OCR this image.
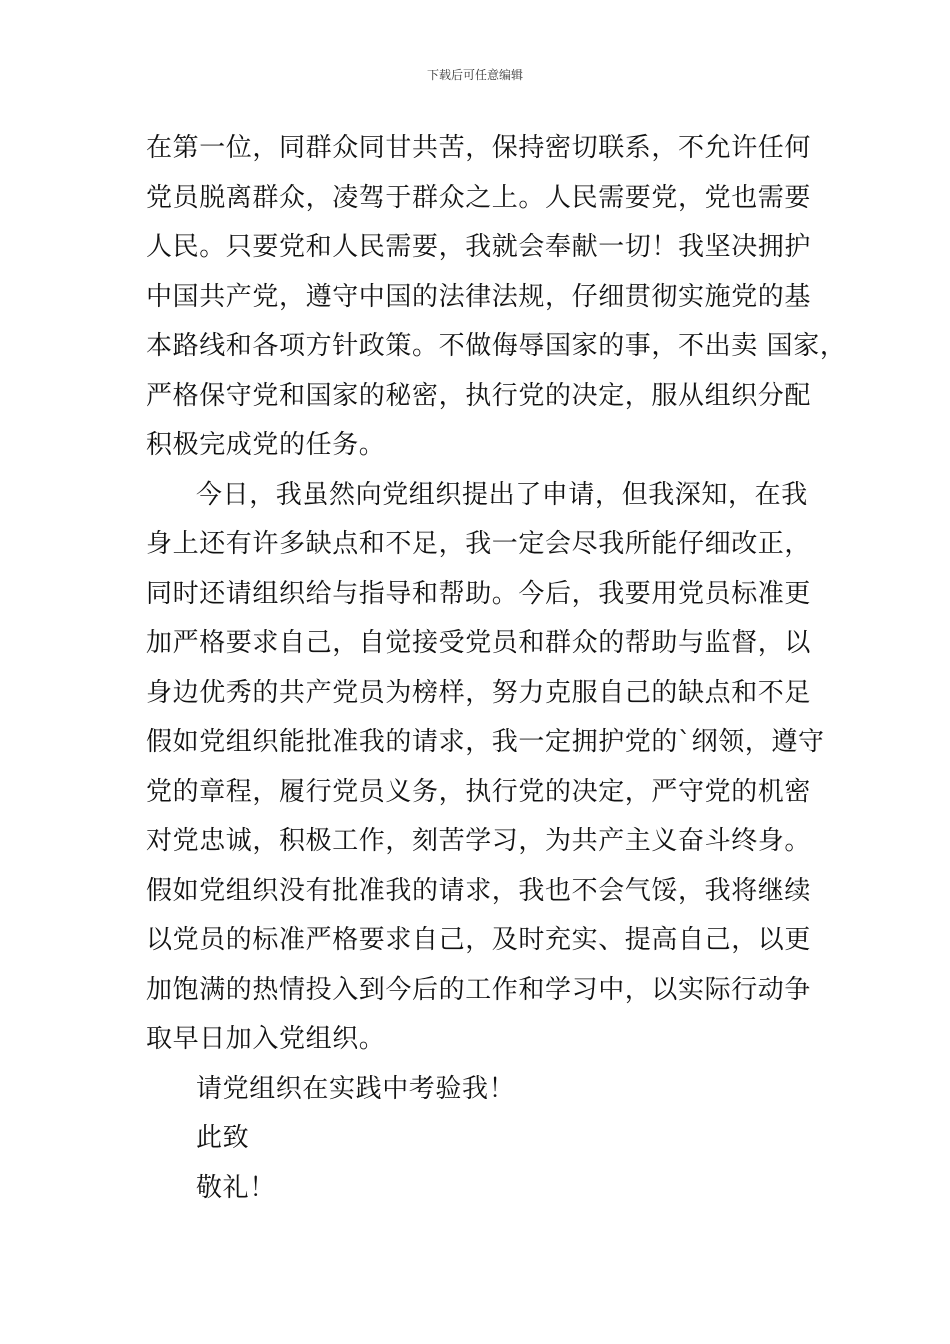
下载后可任意编辑
在第一位，同群众同甘共苦，保持密切联系，不允许任何
党员脱离群众，凌驾于群众之上。人民需要党，党也需要
人民。只要党和人民需要，我就会奉献一切！我坚决拥护
中国共产党，遵守中国的法律法规，仔细贯彻实施党的基
本路线和各项方针政策。不做侮辱国家的事，不出卖 国家，
严格保守党和国家的秘密，执行党的决定，服从组织分配
积极完成党的任务。
今日，我虽然向党组织提出了申请，但我深知，在我
身上还有许多缺点和不足，我一定会尽我所能仔细改正，
同时还请组织给与指导和帮助。今后，我要用党员标准更
加严格要求自己，自觉接受党员和群众的帮助与监督，以
身边优秀的共产党员为榜样，努力克服自己的缺点和不足
假如党组织能批准我的请求，我一定拥护党的`纲领，遵守
党的章程，履行党员义务，执行党的决定，严守党的机密
对党忠诚，积极工作，刻苦学习，为共产主义奋斗终身。
假如党组织没有批准我的请求，我也不会气馁，我将继续
以党员的标准严格要求自己，及时充实、提高自己，以更
加饱满的热情投入到今后的工作和学习中，以实际行动争
取早日加入党组织。
请党组织在实践中考验我！
此致
敬礼！
